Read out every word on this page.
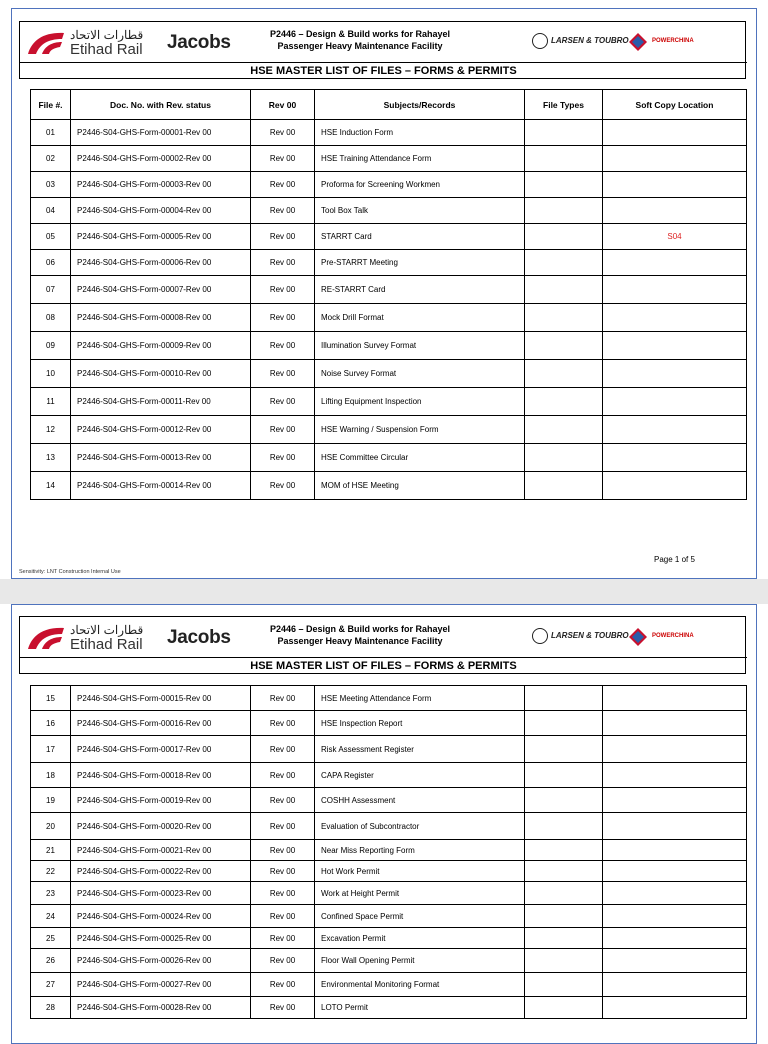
قطارات الاتحاد
Etihad Rail Jacobs	P2446 – Design & Build works for Rahayel
Passenger Heavy Maintenance Facility
LARSEN & TOUBRO	POWERCHINA
HSE MASTER LIST OF FILES – FORMS & PERMITS
File #.	Doc. No. with Rev. status	Rev 00	Subjects/Records	File Types	Soft Copy Location
01	P2446-S04-GHS-Form-00001-Rev 00	Rev 00	HSE Induction Form		
02	P2446-S04-GHS-Form-00002-Rev 00	Rev 00	HSE Training Attendance Form		
03	P2446-S04-GHS-Form-00003-Rev 00	Rev 00	Proforma for Screening Workmen		
04	P2446-S04-GHS-Form-00004-Rev 00	Rev 00	Tool Box Talk		
05	P2446-S04-GHS-Form-00005-Rev 00	Rev 00	STARRT Card		S04
06	P2446-S04-GHS-Form-00006-Rev 00	Rev 00	Pre-STARRT Meeting		
07	P2446-S04-GHS-Form-00007-Rev 00	Rev 00	RE-STARRT Card		
08	P2446-S04-GHS-Form-00008-Rev 00	Rev 00	Mock Drill Format		
09	P2446-S04-GHS-Form-00009-Rev 00	Rev 00	Illumination Survey Format		
10	P2446-S04-GHS-Form-00010-Rev 00	Rev 00	Noise Survey Format		
11	P2446-S04-GHS-Form-00011-Rev 00	Rev 00	Lifting Equipment Inspection		
12	P2446-S04-GHS-Form-00012-Rev 00	Rev 00	HSE Warning / Suspension Form		
13	P2446-S04-GHS-Form-00013-Rev 00	Rev 00	HSE Committee Circular		
14	P2446-S04-GHS-Form-00014-Rev 00	Rev 00	MOM of HSE Meeting		
Page 1 of 5
Sensitivity: LNT Construction Internal Use
قطارات الاتحاد
Etihad Rail Jacobs	P2446 – Design & Build works for Rahayel
Passenger Heavy Maintenance Facility
LARSEN & TOUBRO	POWERCHINA
HSE MASTER LIST OF FILES – FORMS & PERMITS
15	P2446-S04-GHS-Form-00015-Rev 00	Rev 00	HSE Meeting Attendance Form		
16	P2446-S04-GHS-Form-00016-Rev 00	Rev 00	HSE Inspection Report		
17	P2446-S04-GHS-Form-00017-Rev 00	Rev 00	Risk Assessment Register		
18	P2446-S04-GHS-Form-00018-Rev 00	Rev 00	CAPA Register		
19	P2446-S04-GHS-Form-00019-Rev 00	Rev 00	COSHH Assessment		
20	P2446-S04-GHS-Form-00020-Rev 00	Rev 00	Evaluation of Subcontractor		
21	P2446-S04-GHS-Form-00021-Rev 00	Rev 00	Near Miss Reporting Form		
22	P2446-S04-GHS-Form-00022-Rev 00	Rev 00	Hot Work Permit		
23	P2446-S04-GHS-Form-00023-Rev 00	Rev 00	Work at Height Permit		
24	P2446-S04-GHS-Form-00024-Rev 00	Rev 00	Confined Space Permit		
25	P2446-S04-GHS-Form-00025-Rev 00	Rev 00	Excavation Permit		
26	P2446-S04-GHS-Form-00026-Rev 00	Rev 00	Floor Wall Opening Permit		
27	P2446-S04-GHS-Form-00027-Rev 00	Rev 00	Environmental Monitoring Format		
28	P2446-S04-GHS-Form-00028-Rev 00	Rev 00	LOTO Permit		
